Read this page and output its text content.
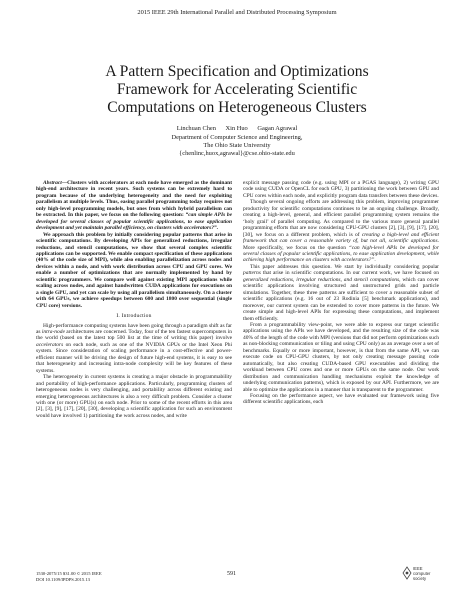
2015 IEEE 29th International Parallel and Distributed Processing Symposium
A Pattern Specification and Optimizations
Framework for Accelerating Scientific
Computations on Heterogeneous Clusters
Linchuan Chen Xin Huo Gagan Agrawal
Department of Computer Science and Engineering,
The Ohio State University
{chenlinc,huox,agrawal}@cse.ohio-state.edu

Abstract—Clusters with accelerators at each node have emerged as the dominant high-end architecture in recent years. Such systems can be extremely hard to program because of the underlying heterogeneity and the need for exploiting parallelism at multiple levels. Thus, easing parallel programming today requires not only high-level programming models, but ones from which hybrid parallelism can be extracted. In this paper, we focus on the following question: “can simple APIs be developed for several classes of popular scientific applications, to ease application development and yet maintain parallel efficiency, on clusters with accelerators?”.

We approach this problem by initially considering popular patterns that arise in scientific computations. By developing APIs for generalized reductions, irregular reductions, and stencil computations, we show that several complex scientific applications can be supported. We enable compact specification of these applications (40% of the code size of MPI), while also enabling parallelization across nodes and devices within a node, and with work distribution across CPU and GPU cores. We enable a number of optimizations that are normally implemented by hand by scientific programmers. We compare well against existing MPI applications while scaling across nodes, and against handwritten CUDA applications for executions on a single GPU, and yet can scale by using all parallelism simultaneously. On a cluster with 64 GPUs, we achieve speedups between 600 and 1800 over sequential (single CPU core) versions.

I. Introduction

High-performance computing systems have been going through a paradigm shift as far as intra-node architectures are concerned. Today, four of the ten fastest supercomputers in the world (based on the latest top 500 list at the time of writing this paper) involve accelerators on each node, such as one of the NVIDIA GPUs or the Intel Xeon Phi system. Since consideration of scaling performance in a cost-effective and power-efficient manner will be driving the design of future high-end systems, it is easy to see that heterogeneity and increasing intra-node complexity will be key features of these systems.

The heterogeneity in current systems is creating a major obstacle in programmability and portability of high-performance applications. Particularly, programming clusters of heterogeneous nodes is very challenging, and portability across different existing and emerging heterogeneous architectures is also a very difficult problem. Consider a cluster with one (or more) GPU(s) on each node. Prior to some of the recent efforts in this area [2], [3], [9], [17], [20], [30], developing a scientific application for such an environment would have involved 1) partitioning the work across nodes, and write

explicit message passing code (e.g. using MPI or a PGAS language), 2) writing GPU code using CUDA or OpenCL for each GPU, 3) partitioning the work between GPU and CPU cores within each node, and explicitly program data transfers between these devices.

Though several ongoing efforts are addressing this problem, improving programmer productivity for scientific computations continues to be an ongoing challenge. Broadly, creating a high-level, general, and efficient parallel programming system remains the ‘holy grail’ of parallel computing. As compared to the various more general parallel programming efforts that are now considering CPU-GPU clusters [2], [3], [9], [17], [20], [30], we focus on a different problem, which is of creating a high-level and efficient framework that can cover a reasonable variety of, but not all, scientific applications. More specifically, we focus on the question “can high-level APIs be developed for several classes of popular scientific applications, to ease application development, while achieving high performance on clusters with accelerators?”.

This paper addresses this question. We start by individually considering popular patterns that arise in scientific computations. In our current work, we have focused on generalized reductions, irregular reductions, and stencil computations, which can cover scientific applications involving structured and unstructured grids and particle simulations. Together, these three patterns are sufficient to cover a reasonable subset of scientific applications (e.g. 16 out of 23 Rodinia [5] benchmark applications), and moreover, our current system can be extended to cover more patterns in the future. We create simple and high-level APIs for expressing these computations, and implement them efficiently.

From a programmability view-point, we were able to express our target scientific applications using the APIs we have developed, and the resulting size of the code was 40% of the length of the code with MPI (versions that did not perform optimizations such as non-blocking communication or tiling and using CPU only) as an average over a set of benchmarks. Equally or more important, however, is that from the same API, we can execute code on CPU-GPU clusters, by not only creating message passing code automatically, but also creating CUDA-based GPU executables and dividing the workload between CPU cores and one or more GPUs on the same node. Our work distribution and communication handling mechanisms exploit the knowledge of underlying communication patterns), which is exposed by our API. Furthermore, we are able to optimize the applications in a manner that is transparent to the programmer.

Focusing on the performance aspect, we have evaluated our framework using five different scientific applications, each

1530-2075/15 $31.00 © 2015 IEEE
DOI 10.1109/IPDPS.2015.13
591
IEEE
computer
society
